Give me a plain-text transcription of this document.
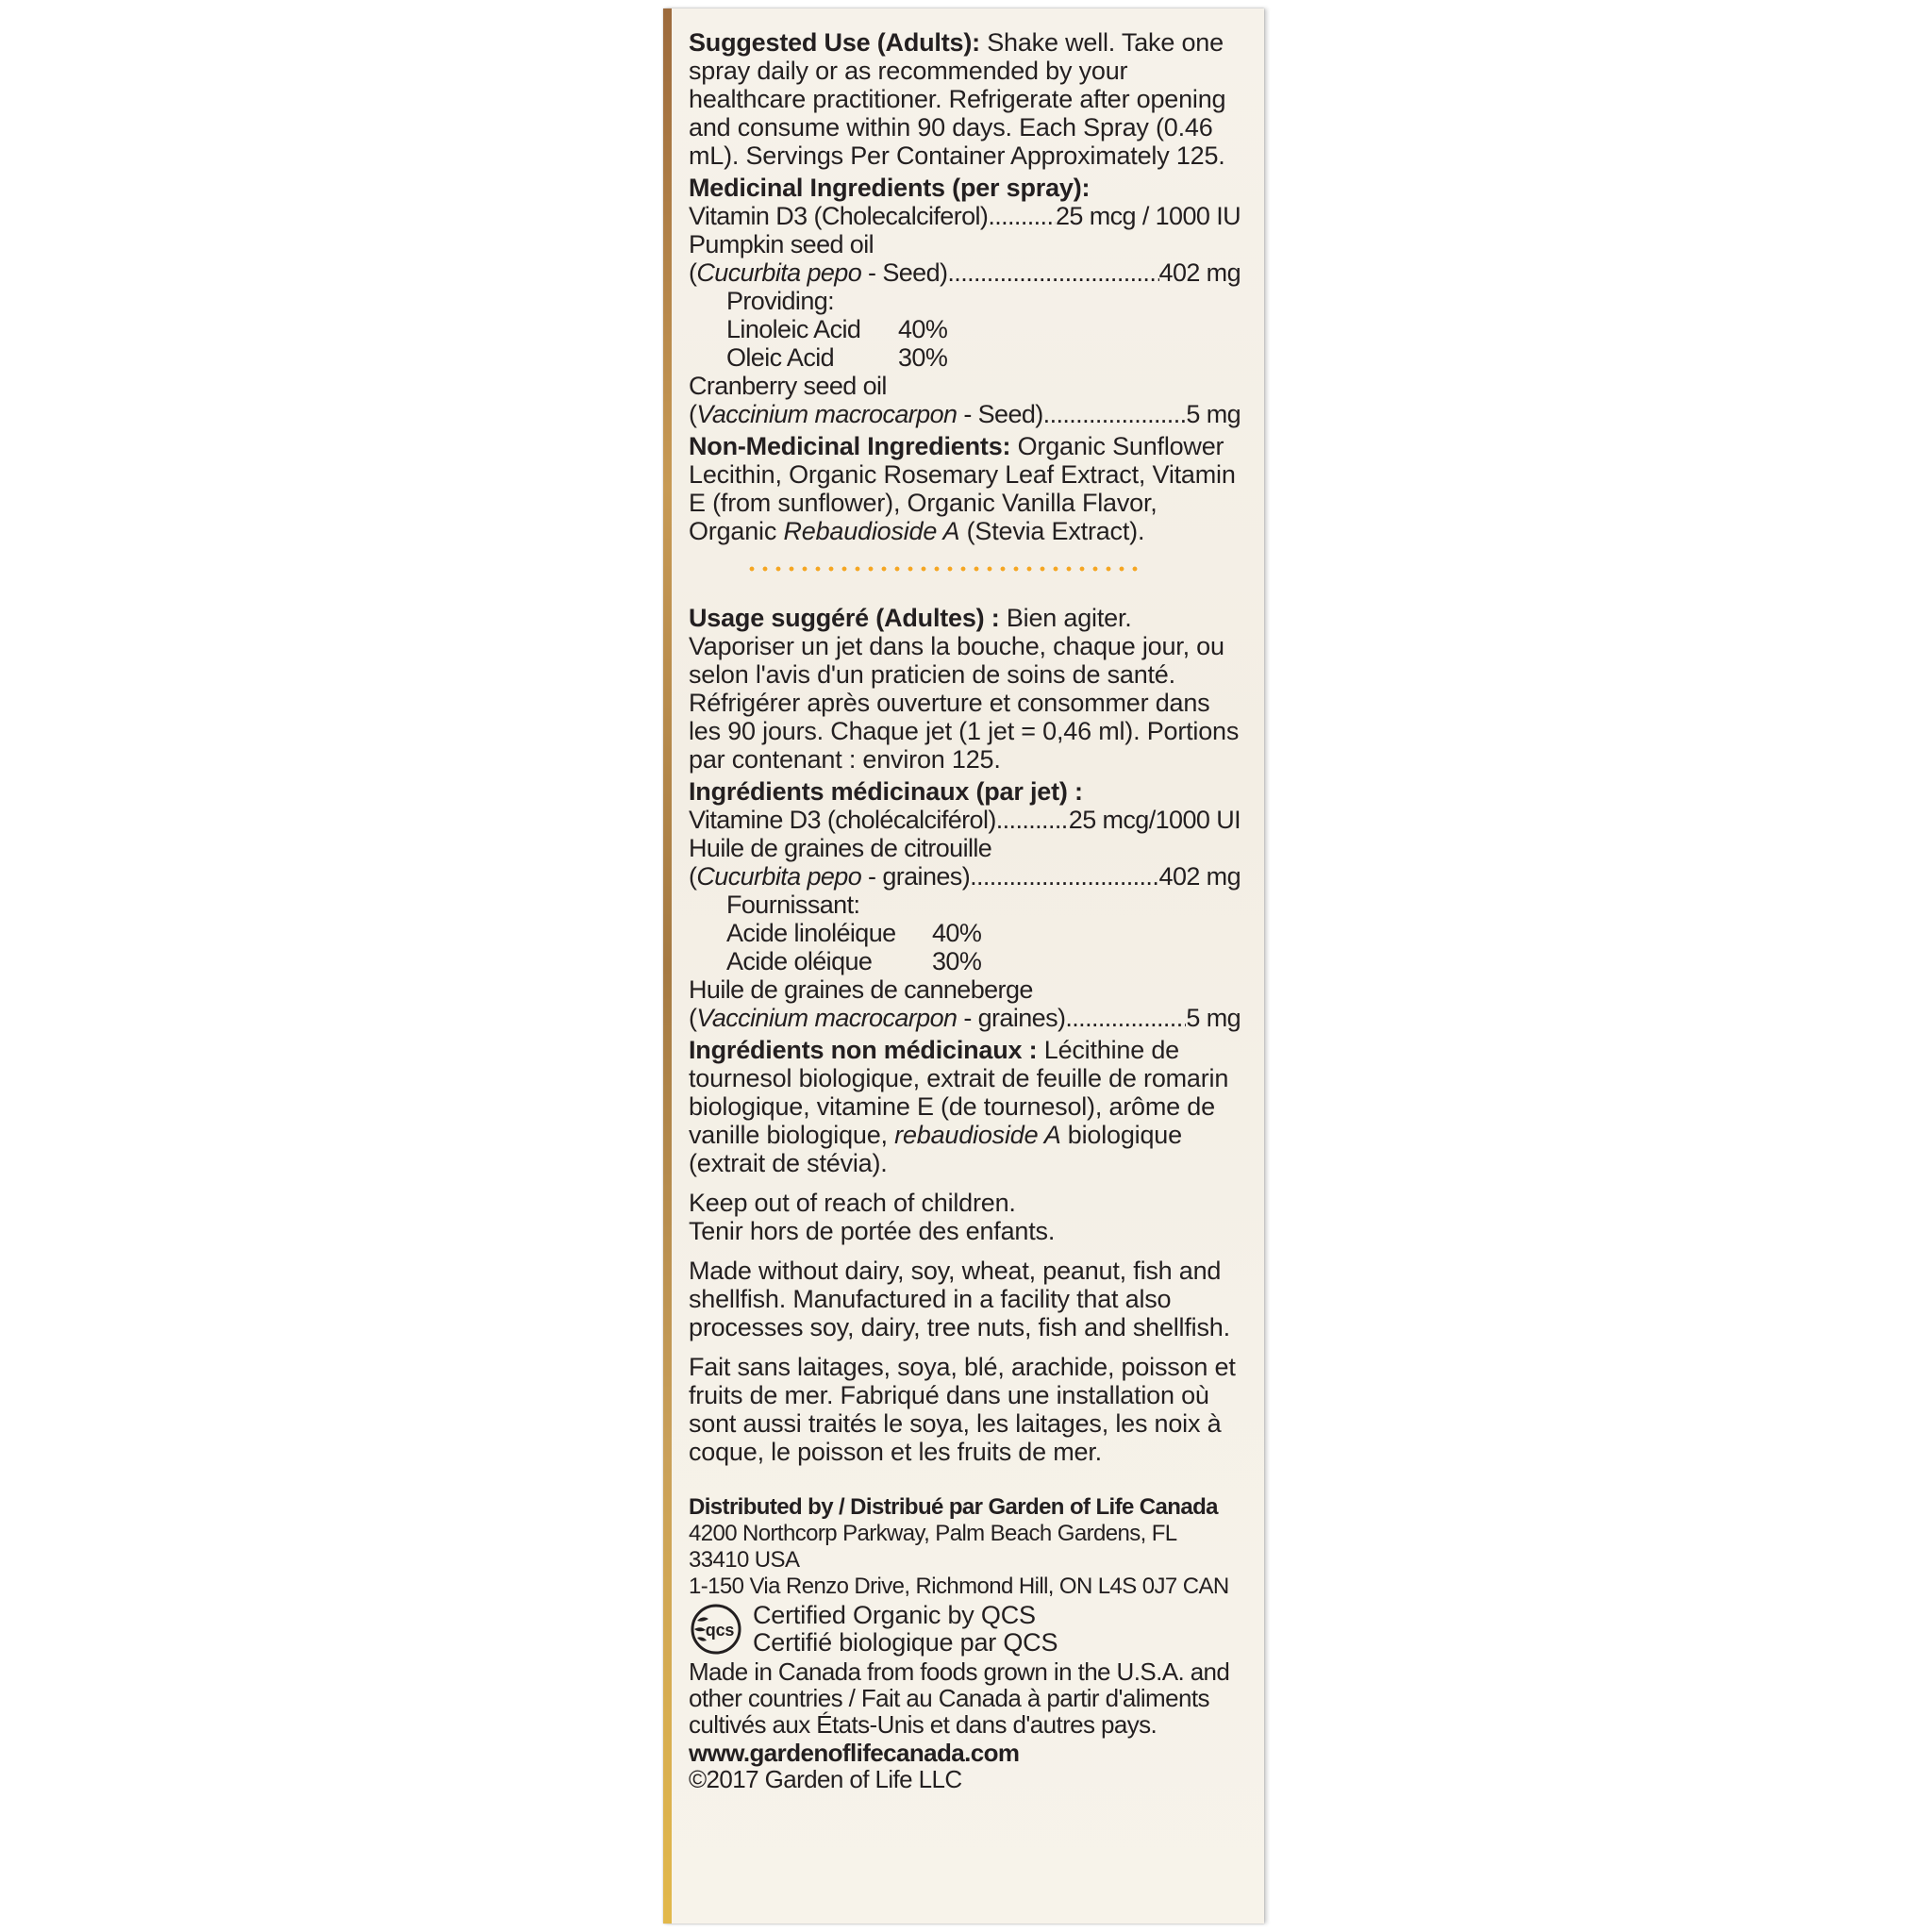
Suggested Use (Adults): Shake well. Take one spray daily or as recommended by your healthcare practitioner. Refrigerate after opening and consume within 90 days. Each Spray (0.46 mL). Servings Per Container Approximately 125.

Medicinal Ingredients (per spray):

Vitamin D3 (Cholecalciferol) .....	25 mcg / 1000 IU
Pumpkin seed oil
(Cucurbita pepo - Seed) .....	402 mg
Providing:
Linoleic Acid	40%
Oleic Acid	30%
Cranberry seed oil
(Vaccinium macrocarpon - Seed) .....	5 mg

Non-Medicinal Ingredients: Organic Sunflower Lecithin, Organic Rosemary Leaf Extract, Vitamin E (from sunflower), Organic Vanilla Flavor, Organic Rebaudioside A (Stevia Extract).

Usage suggéré (Adultes) : Bien agiter. Vaporiser un jet dans la bouche, chaque jour, ou selon l'avis d'un praticien de soins de santé. Réfrigérer après ouverture et consommer dans les 90 jours. Chaque jet (1 jet = 0,46 ml). Portions par contenant : environ 125.

Ingrédients médicinaux (par jet) :

Vitamine D3 (cholécalciférol) .....	25 mcg/1000 UI
Huile de graines de citrouille
(Cucurbita pepo - graines) .....	402 mg
Fournissant:
Acide linoléique	40%
Acide oléique	30%
Huile de graines de canneberge
(Vaccinium macrocarpon - graines) .....	5 mg

Ingrédients non médicinaux : Lécithine de tournesol biologique, extrait de feuille de romarin biologique, vitamine E (de tournesol), arôme de vanille biologique, rebaudioside A biologique (extrait de stévia).

Keep out of reach of children.

Tenir hors de portée des enfants.

Made without dairy, soy, wheat, peanut, fish and shellfish. Manufactured in a facility that also processes soy, dairy, tree nuts, fish and shellfish.

Fait sans laitages, soya, blé, arachide, poisson et fruits de mer. Fabriqué dans une installation où sont aussi traités le soya, les laitages, les noix à coque, le poisson et les fruits de mer.

Distributed by / Distribué par Garden of Life Canada

4200 Northcorp Parkway, Palm Beach Gardens, FL 33410 USA

1-150 Via Renzo Drive, Richmond Hill, ON L4S 0J7 CAN

qcs

Certified Organic by QCS

Certifié biologique par QCS

Made in Canada from foods grown in the U.S.A. and other countries / Fait au Canada à partir d'aliments cultivés aux États-Unis et dans d'autres pays.

www.gardenoflifecanada.com

©2017 Garden of Life LLC
